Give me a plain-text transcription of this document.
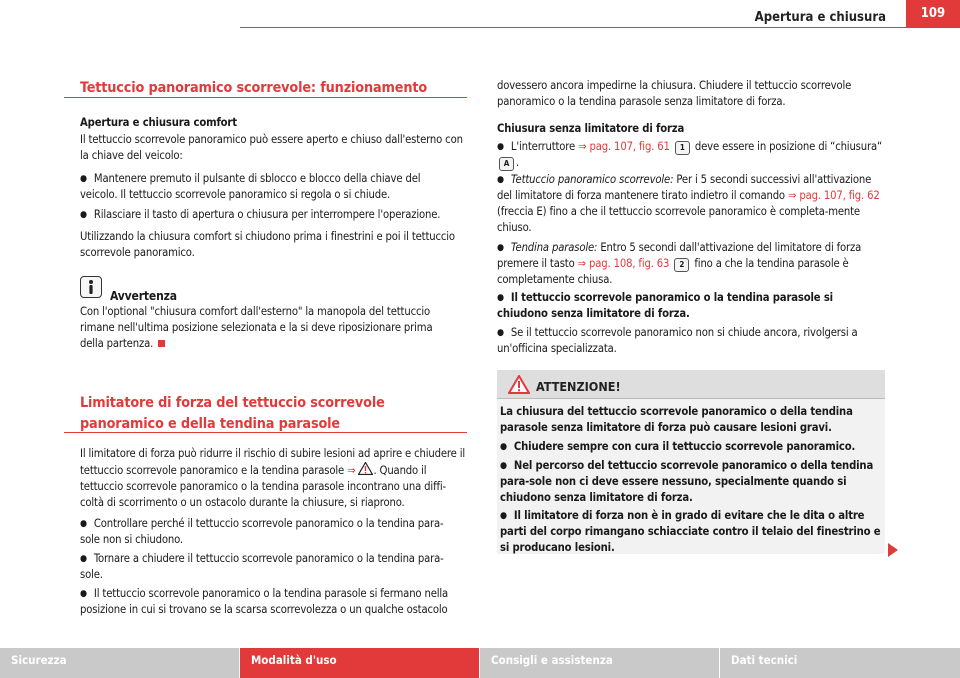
Apertura e chiusura	109

Tettuccio panoramico scorrevole: funzionamento

Apertura e chiusura comfort

Il tettuccio scorrevole panoramico può essere aperto e chiuso dall'esterno con la chiave del veicolo:

● Mantenere premuto il pulsante di sblocco e blocco della chiave del veicolo. Il tettuccio scorrevole panoramico si regola o si chiude.

● Rilasciare il tasto di apertura o chiusura per interrompere l'operazione.

Utilizzando la chiusura comfort si chiudono prima i finestrini e poi il tettuccio scorrevole panoramico.

Avvertenza

Con l'optional "chiusura comfort dall'esterno" la manopola del tettuccio rimane nell'ultima posizione selezionata e la si deve riposizionare prima della partenza.

Limitatore di forza del tettuccio scorrevole panoramico e della tendina parasole

Il limitatore di forza può ridurre il rischio di subire lesioni ad aprire e chiudere il tettuccio scorrevole panoramico e la tendina parasole ⇒ . Quando il tettuccio scorrevole panoramico o la tendina parasole incontrano una diffi-coltà di scorrimento o un ostacolo durante la chiusure, si riaprono.

● Controllare perché il tettuccio scorrevole panoramico o la tendina para-sole non si chiudono.

● Tornare a chiudere il tettuccio scorrevole panoramico o la tendina para-sole.

● Il tettuccio scorrevole panoramico o la tendina parasole si fermano nella posizione in cui si trovano se la scarsa scorrevolezza o un qualche ostacolo

dovessero ancora impedirne la chiusura. Chiudere il tettuccio scorrevole panoramico o la tendina parasole senza limitatore di forza.

Chiusura senza limitatore di forza

● L'interruttore ⇒ pag. 107, fig. 61 1 deve essere in posizione di “chiusura“A .

● Tettuccio panoramico scorrevole: Per i 5 secondi successivi all'attivazione del limitatore di forza mantenere tirato indietro il comando ⇒ pag. 107, fig. 62 (freccia E) fino a che il tettuccio scorrevole panoramico è completa-mente chiuso.

● Tendina parasole: Entro 5 secondi dall'attivazione del limitatore di forza premere il tasto ⇒ pag. 108, fig. 63 2 fino a che la tendina parasole è completamente chiusa.

● Il tettuccio scorrevole panoramico o la tendina parasole si chiudono senza limitatore di forza.

● Se il tettuccio scorrevole panoramico non si chiude ancora, rivolgersi a un'officina specializzata.

ATTENZIONE!

La chiusura del tettuccio scorrevole panoramico o della tendina parasole senza limitatore di forza può causare lesioni gravi.

● Chiudere sempre con cura il tettuccio scorrevole panoramico.

● Nel percorso del tettuccio scorrevole panoramico o della tendina para-sole non ci deve essere nessuno, specialmente quando si chiudono senza limitatore di forza.

● Il limitatore di forza non è in grado di evitare che le dita o altre parti del corpo rimangano schiacciate contro il telaio del finestrino e si producano lesioni.

Sicurezza	Modalità d'uso	Consigli e assistenza	Dati tecnici
